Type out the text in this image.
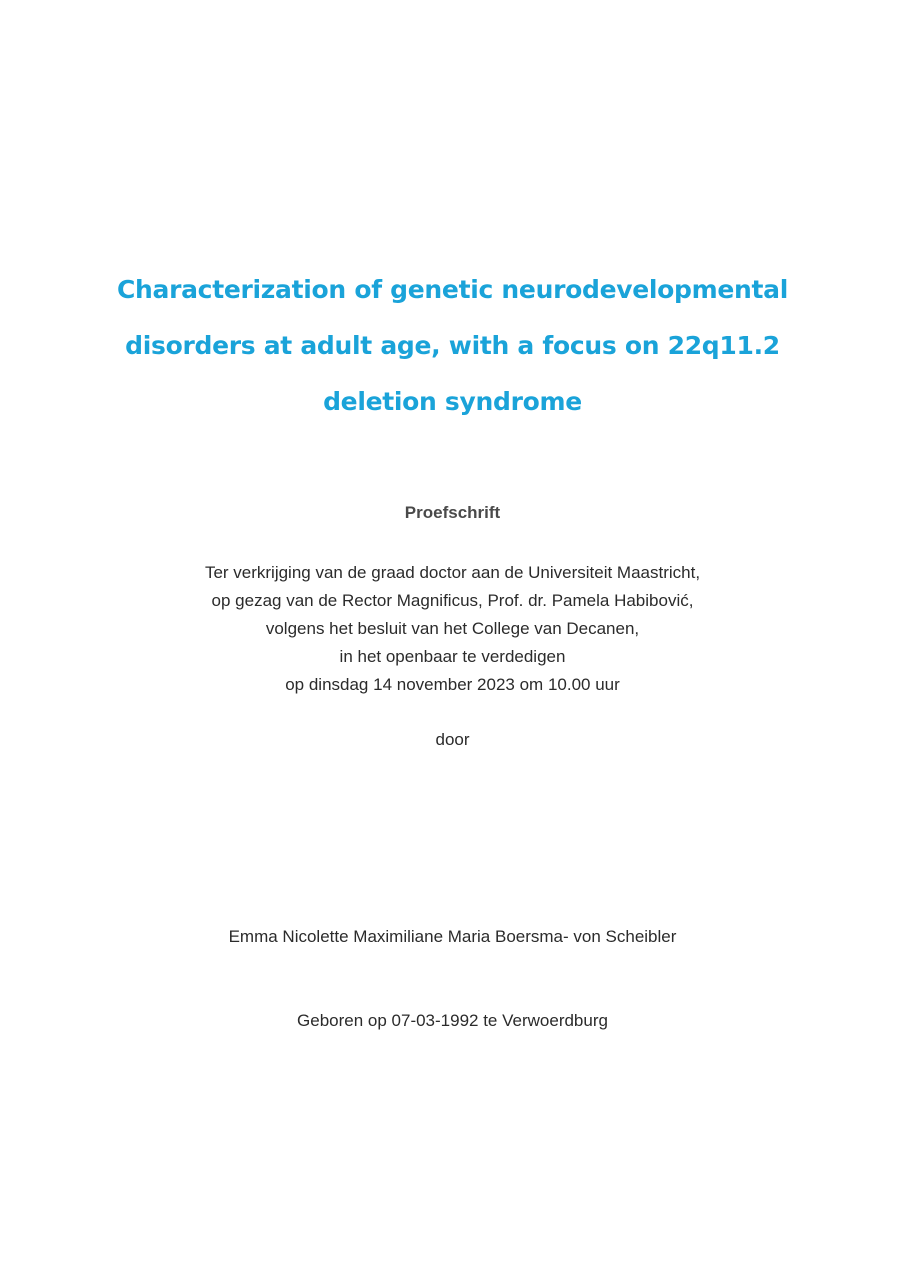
Characterization of genetic neurodevelopmental
disorders at adult age, with a focus on 22q11.2
deletion syndrome
Proefschrift
Ter verkrijging van de graad doctor aan de Universiteit Maastricht,
op gezag van de Rector Magnificus, Prof. dr. Pamela Habibović,
volgens het besluit van het College van Decanen,
in het openbaar te verdedigen
op dinsdag 14 november 2023 om 10.00 uur
door
Emma Nicolette Maximiliane Maria Boersma- von Scheibler
Geboren op 07-03-1992 te Verwoerdburg
